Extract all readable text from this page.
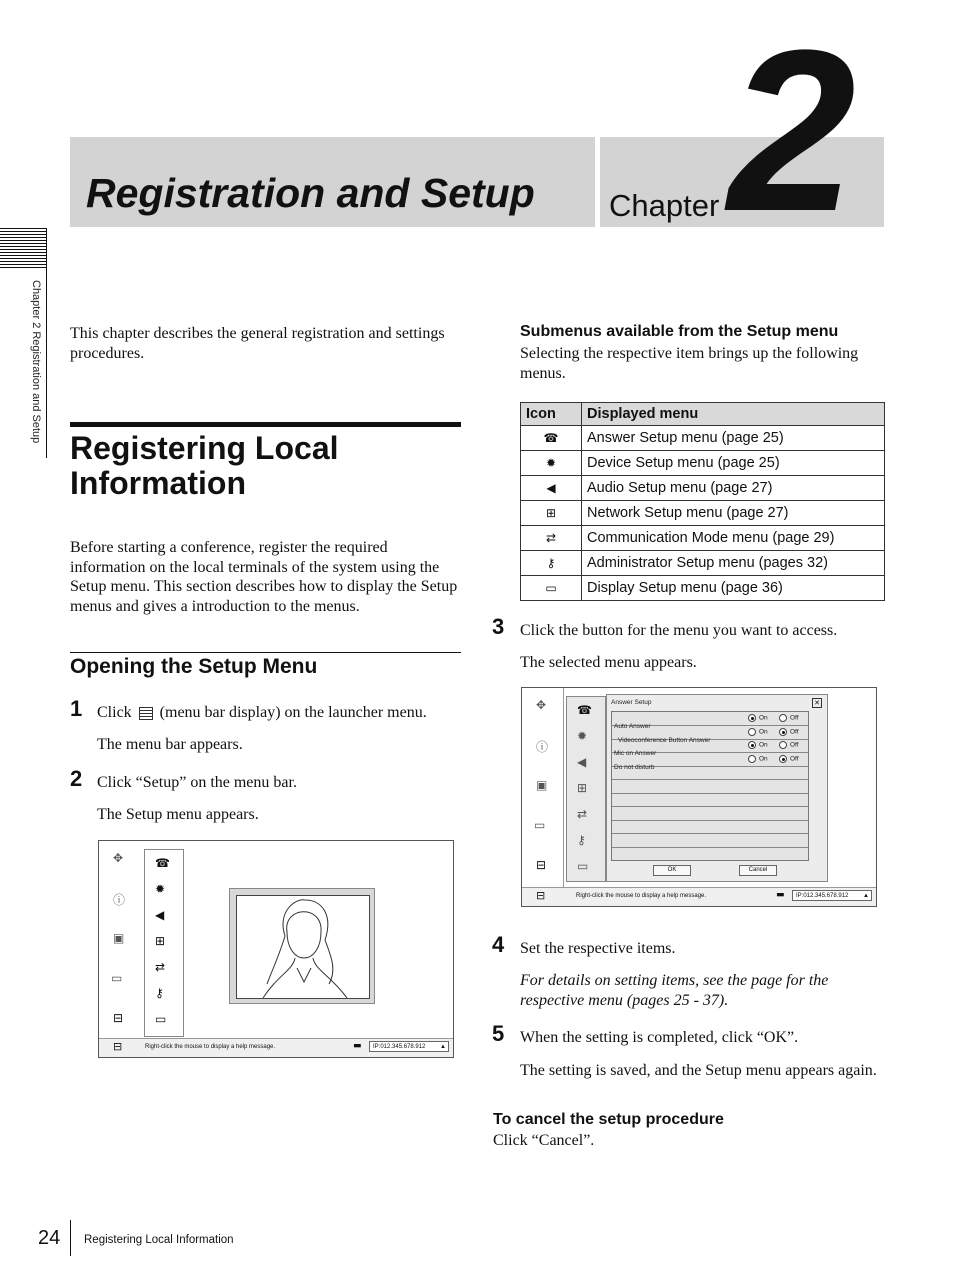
Registration and Setup Chapter 2
Chapter 2 Registration and Setup This chapter describes the general registration and settings procedures.
Registering Local
Information
Before starting a conference, register the required information on the local terminals of the system using the Setup menu. This section describes how to display the Setup menus and gives a introduction to the menus.
Opening the Setup Menu
1 Click (menu bar display) on the launcher menu.
The menu bar appears.
2 Click “Setup” on the menu bar.
The Setup menu appears.
✥
ⓘ
▣
▭
⊟
☎
✹
◀
⊞
⇄
⚷
▭
⊟	Right-click the mouse to display a help message.	▬	IP:012.345.678.912 ▲
Submenus available from the Setup menu
Selecting the respective item brings up the following menus.
Icon	Displayed menu
☎	Answer Setup menu (page 25)
✹	Device Setup menu (page 25)
◀	Audio Setup menu (page 27)
⊞	Network Setup menu (page 27)
⇄	Communication Mode menu (page 29)
⚷	Administrator Setup menu (pages 32)
▭	Display Setup menu (page 36)
3 Click the button for the menu you want to access.
The selected menu appears.
✥
ⓘ
▣
▭
⊟
☎
✹
◀
⊞
⇄
⚷
▭
Answer Setup	✕
Auto Answer
On	Off
Videoconference Button Answer
On	Off
Mic on Answer
On	Off
Do not disturb
On	Off
OK	Cancel
⊟	Right-click the mouse to display a help message.	▬	IP:012.345.678.912 ▲
4 Set the respective items.
For details on setting items, see the page for the respective menu (pages 25 - 37).
5 When the setting is completed, click “OK”.
The setting is saved, and the Setup menu appears again.
To cancel the setup procedure
Click “Cancel”.
24 Registering Local Information
